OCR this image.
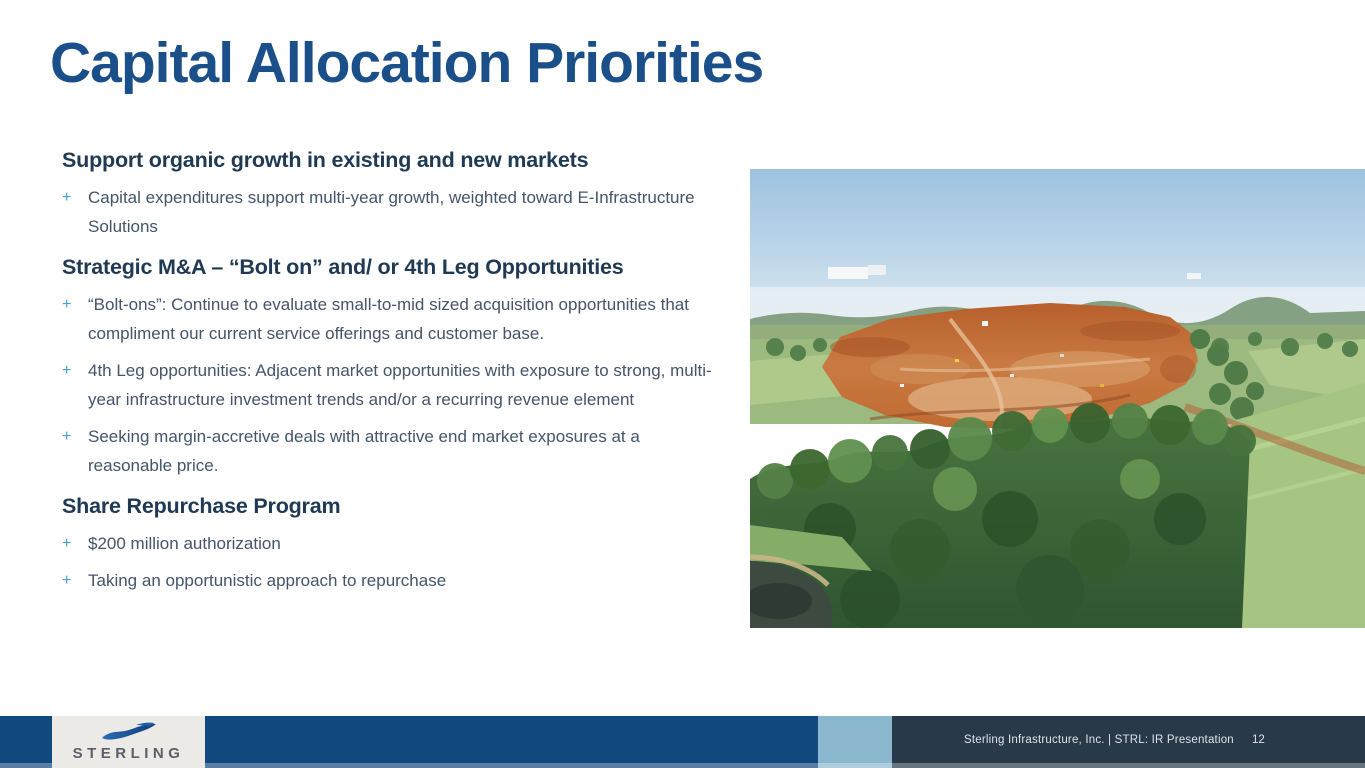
Capital Allocation Priorities
Support organic growth in existing and new markets
+ Capital expenditures support multi-year growth, weighted toward E-Infrastructure Solutions
Strategic M&A – “Bolt on” and/ or 4th Leg Opportunities
+ “Bolt-ons”: Continue to evaluate small-to-mid sized acquisition opportunities that compliment our current service offerings and customer base.
+ 4th Leg opportunities: Adjacent market opportunities with exposure to strong, multi-year infrastructure investment trends and/or a recurring revenue element
+ Seeking margin-accretive deals with attractive end market exposures at a reasonable price.
Share Repurchase Program
+ $200 million authorization
+ Taking an opportunistic approach to repurchase
STERLING
Sterling Infrastructure, Inc. | STRL: IR Presentation 12
